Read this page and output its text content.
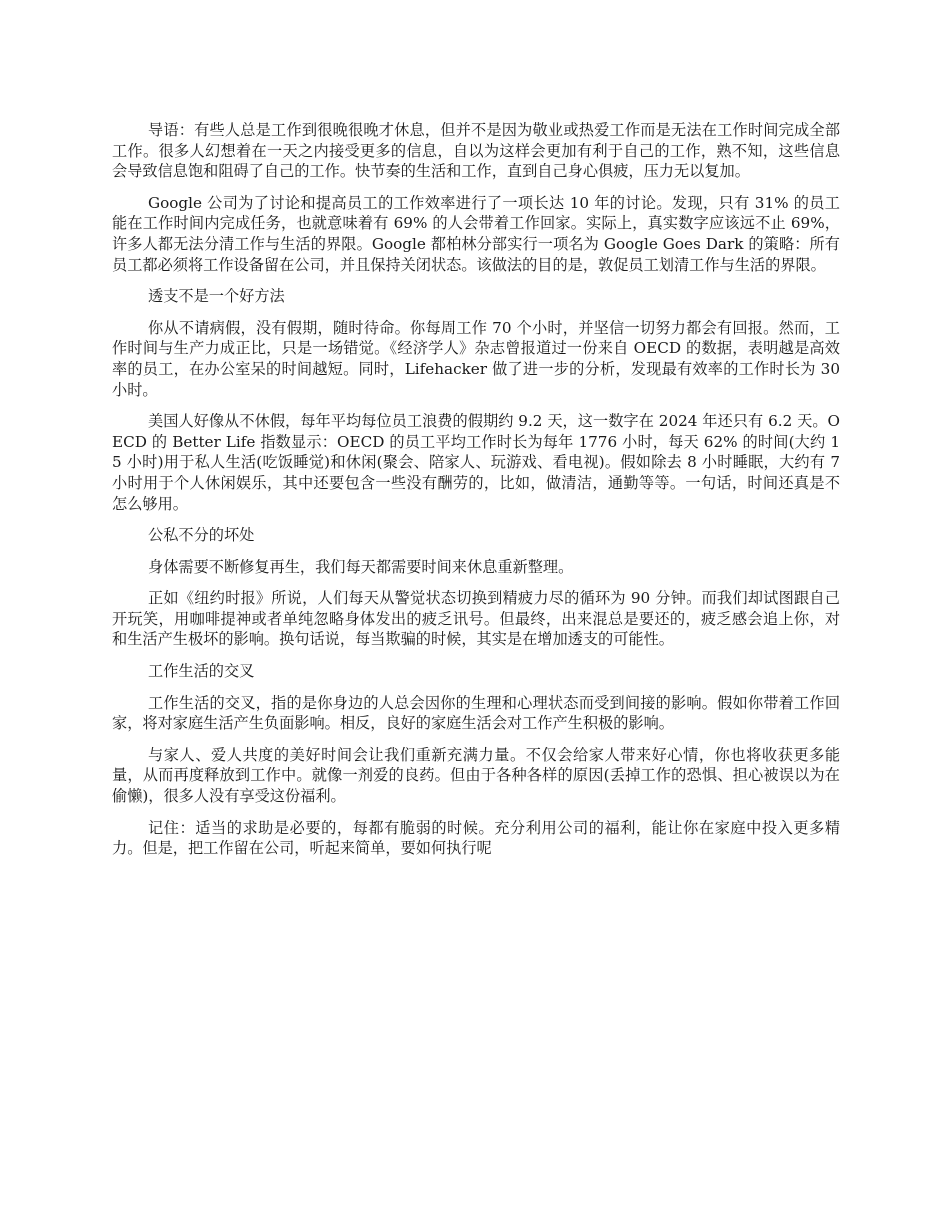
导语：有些人总是工作到很晚很晚才休息，但并不是因为敬业或热爱工作而是无法在工作时间完成全部工作。很多人幻想着在一天之内接受更多的信息，自以为这样会更加有利于自己的工作，熟不知，这些信息会导致信息饱和阻碍了自己的工作。快节奏的生活和工作，直到自己身心俱疲，压力无以复加。

Google 公司为了讨论和提高员工的工作效率进行了一项长达 10 年的讨论。发现，只有 31% 的员工能在工作时间内完成任务，也就意味着有 69% 的人会带着工作回家。实际上，真实数字应该远不止 69%，许多人都无法分清工作与生活的界限。Google 都柏林分部实行一项名为 Google Goes Dark 的策略：所有员工都必须将工作设备留在公司，并且保持关闭状态。该做法的目的是，敦促员工划清工作与生活的界限。

透支不是一个好方法

你从不请病假，没有假期，随时待命。你每周工作 70 个小时，并坚信一切努力都会有回报。然而，工作时间与生产力成正比，只是一场错觉。《经济学人》杂志曾报道过一份来自 OECD 的数据，表明越是高效率的员工，在办公室呆的时间越短。同时，Lifehacker 做了进一步的分析，发现最有效率的工作时长为 30 小时。

美国人好像从不休假，每年平均每位员工浪费的假期约 9.2 天，这一数字在 2024 年还只有 6.2 天。OECD 的 Better Life 指数显示：OECD 的员工平均工作时长为每年 1776 小时，每天 62% 的时间(大约 15 小时)用于私人生活(吃饭睡觉)和休闲(聚会、陪家人、玩游戏、看电视)。假如除去 8 小时睡眠，大约有 7 小时用于个人休闲娱乐，其中还要包含一些没有酬劳的，比如，做清洁，通勤等等。一句话，时间还真是不怎么够用。

公私不分的坏处

身体需要不断修复再生，我们每天都需要时间来休息重新整理。

正如《纽约时报》所说，人们每天从警觉状态切换到精疲力尽的循环为 90 分钟。而我们却试图跟自己开玩笑，用咖啡提神或者单纯忽略身体发出的疲乏讯号。但最终，出来混总是要还的，疲乏感会追上你，对和生活产生极坏的影响。换句话说，每当欺骗的时候，其实是在增加透支的可能性。

工作生活的交叉

工作生活的交叉，指的是你身边的人总会因你的生理和心理状态而受到间接的影响。假如你带着工作回家，将对家庭生活产生负面影响。相反，良好的家庭生活会对工作产生积极的影响。

与家人、爱人共度的美好时间会让我们重新充满力量。不仅会给家人带来好心情，你也将收获更多能量，从而再度释放到工作中。就像一剂爱的良药。但由于各种各样的原因(丢掉工作的恐惧、担心被误以为在偷懒)，很多人没有享受这份福利。

记住：适当的求助是必要的，每都有脆弱的时候。充分利用公司的福利，能让你在家庭中投入更多精力。但是，把工作留在公司，听起来简单，要如何执行呢
